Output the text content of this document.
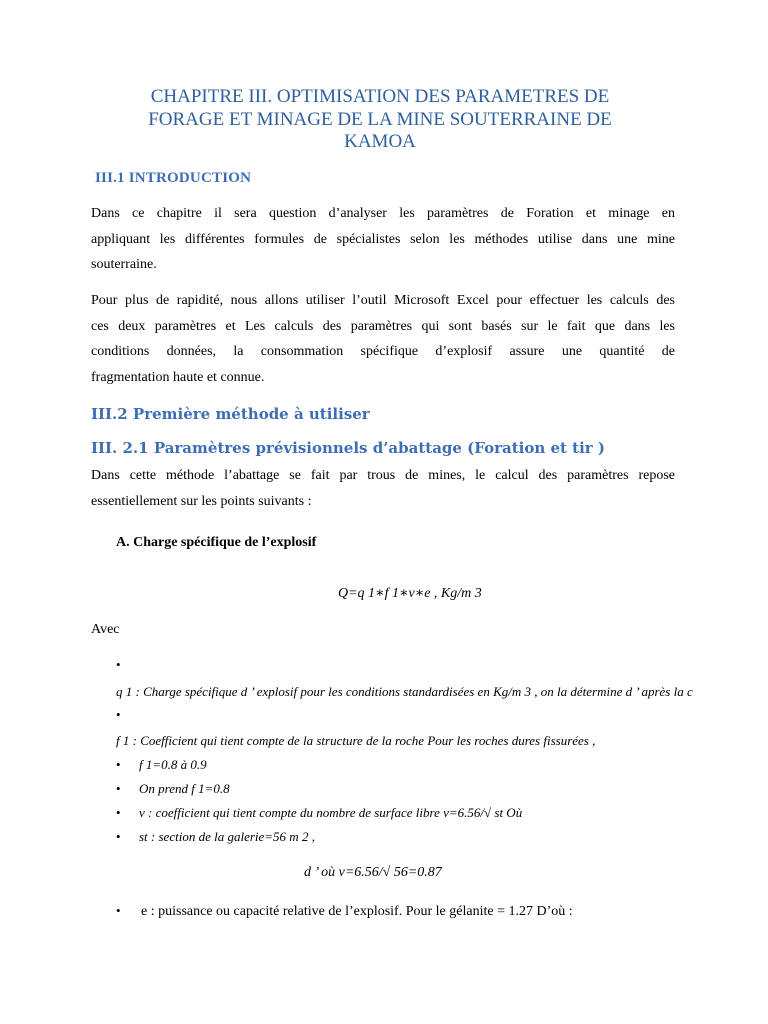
CHAPITRE III. OPTIMISATION DES PARAMETRES DE
FORAGE ET MINAGE DE LA MINE SOUTERRAINE DE
KAMOA
III.1 INTRODUCTION
Dans ce chapitre il sera question d’analyser les paramètres de Foration et minage en
appliquant les différentes formules de spécialistes selon les méthodes utilise dans une mine
souterraine.
Pour plus de rapidité, nous allons utiliser l’outil Microsoft Excel pour effectuer les calculs des
ces deux paramètres et Les calculs des paramètres qui sont basés sur le fait que dans les
conditions données, la consommation spécifique d’explosif assure une quantité de
fragmentation haute et connue.
III.2 Première méthode à utiliser
III. 2.1 Paramètres prévisionnels d’abattage (Foration et tir )
Dans cette méthode l’abattage se fait par trous de mines, le calcul des paramètres repose
essentiellement sur les points suivants :
A. Charge spécifique de l’explosif
Q=q 1∗f 1∗v∗e , Kg/m 3
Avec
•
q 1 : Charge spécifique d ’ explosif pour les conditions standardisées en Kg/m 3 , on la détermine d ’ après la c
•
f 1 : Coefficient qui tient compte de la structure de la roche Pour les roches dures fissurées ,
• f 1=0.8 à 0.9
• On prend f 1=0.8
• v : coefficient qui tient compte du nombre de surface libre v=6.56/√ st Où
• st : section de la galerie=56 m 2 ,
d ’ où v=6.56/√ 56=0.87
• e : puissance ou capacité relative de l’explosif. Pour le gélanite = 1.27 D’où :
